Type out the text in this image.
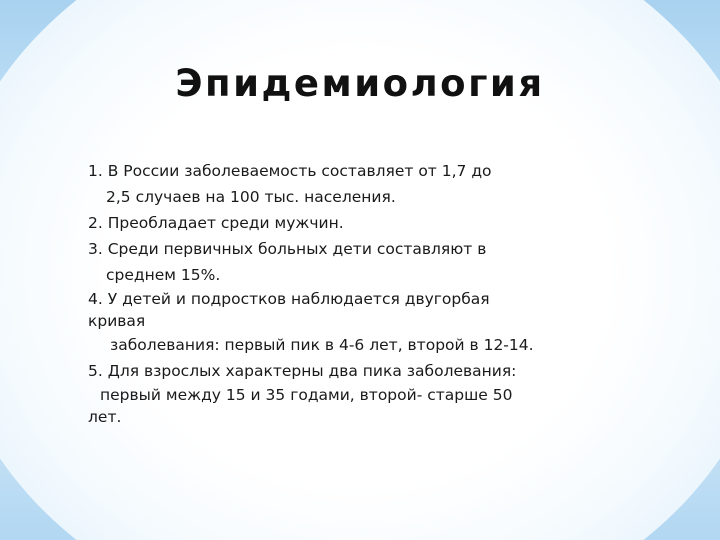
Эпидемиология
1. В России заболеваемость составляет от 1,7 до
2,5 случаев на 100 тыс. населения.
2. Преобладает среди мужчин.
3. Среди первичных больных дети составляют в
среднем 15%.
4. У детей и подростков наблюдается двугорбая
кривая
заболевания: первый пик в 4-6 лет, второй в 12-14.
5. Для взрослых характерны два пика заболевания:
первый между 15 и 35 годами, второй- старше 50
лет.
